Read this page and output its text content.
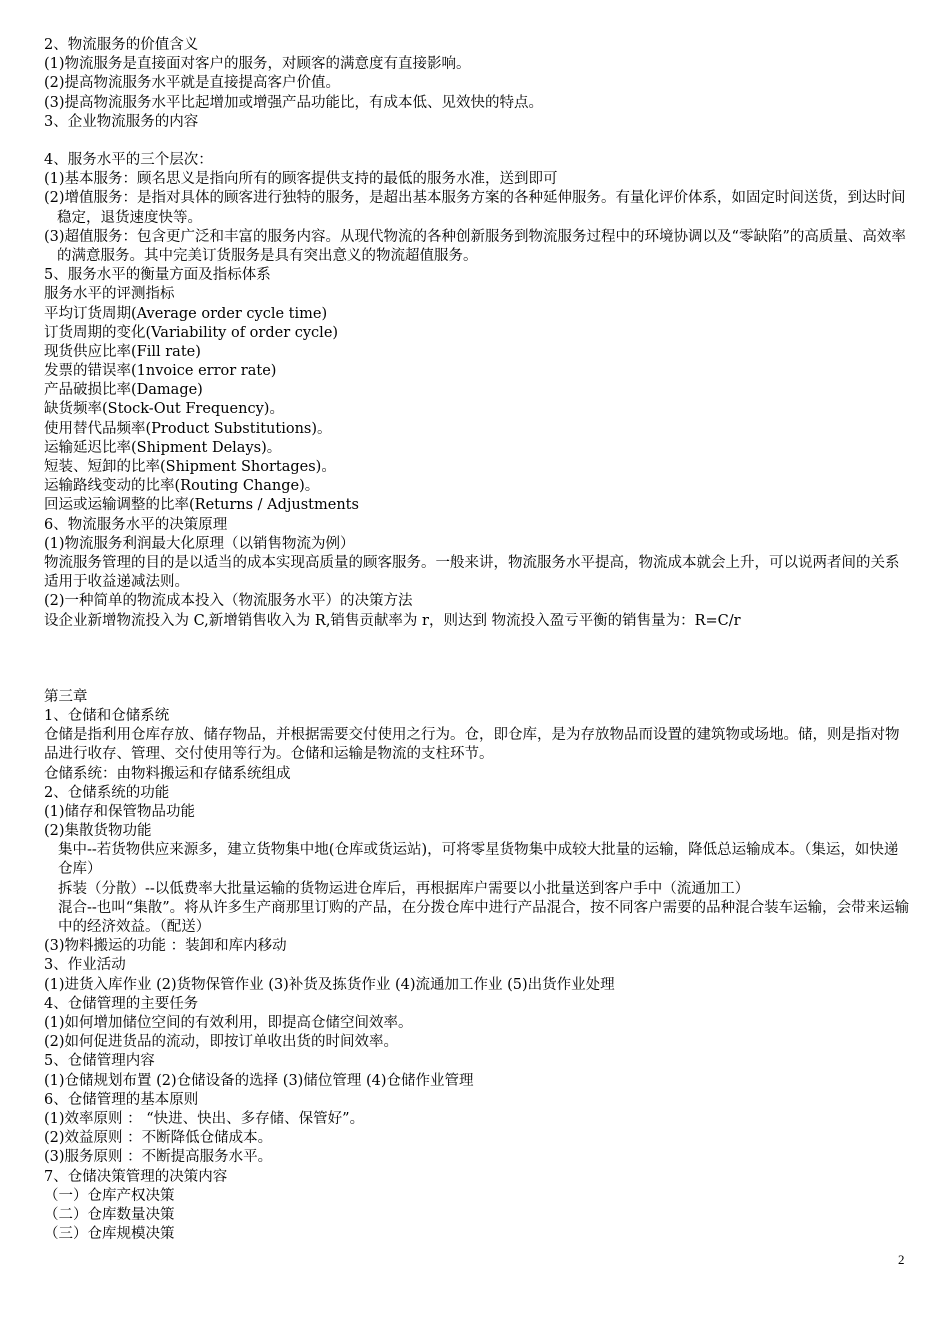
2、物流服务的价值含义
(1)物流服务是直接面对客户的服务，对顾客的满意度有直接影响。
(2)提高物流服务水平就是直接提高客户价值。
(3)提高物流服务水平比起增加或增强产品功能比，有成本低、见效快的特点。
3、企业物流服务的内容
4、服务水平的三个层次：
(1)基本服务：顾名思义是指向所有的顾客提供支持的最低的服务水准，送到即可
(2)增值服务：是指对具体的顾客进行独特的服务，是超出基本服务方案的各种延伸服务。有量化评价体系，如固定时间送货，到达时间稳定，退货速度快等。
(3)超值服务：包含更广泛和丰富的服务内容。从现代物流的各种创新服务到物流服务过程中的环境协调以及“零缺陷”的高质量、高效率的满意服务。其中完美订货服务是具有突出意义的物流超值服务。
5、服务水平的衡量方面及指标体系
服务水平的评测指标
平均订货周期(Average order cycle time)
订货周期的变化(Variability of order cycle)
现货供应比率(Fill rate)
发票的错误率(1nvoice error rate)
产品破损比率(Damage)
缺货频率(Stock-Out Frequency)。
使用替代品频率(Product Substitutions)。
运输延迟比率(Shipment Delays)。
短装、短卸的比率(Shipment Shortages)。
运输路线变动的比率(Routing Change)。
回运或运输调整的比率(Returns / Adjustments
6、物流服务水平的决策原理
(1)物流服务利润最大化原理（以销售物流为例）
物流服务管理的目的是以适当的成本实现高质量的顾客服务。一般来讲，物流服务水平提高，物流成本就会上升，可以说两者间的关系适用于收益递减法则。
(2)一种简单的物流成本投入（物流服务水平）的决策方法
设企业新增物流投入为 C,新增销售收入为 R,销售贡献率为 r，则达到 物流投入盈亏平衡的销售量为：R=C/r
第三章
1、仓储和仓储系统
仓储是指利用仓库存放、储存物品，并根据需要交付使用之行为。仓，即仓库，是为存放物品而设置的建筑物或场地。储，则是指对物品进行收存、管理、交付使用等行为。仓储和运输是物流的支柱环节。
仓储系统：由物料搬运和存储系统组成
2、仓储系统的功能
(1)储存和保管物品功能
(2)集散货物功能
集中--若货物供应来源多，建立货物集中地(仓库或货运站)，可将零星货物集中成较大批量的运输，降低总运输成本。（集运，如快递仓库）
拆装（分散）--以低费率大批量运输的货物运进仓库后，再根据库户需要以小批量送到客户手中（流通加工）
混合--也叫“集散”。将从许多生产商那里订购的产品，在分拨仓库中进行产品混合，按不同客户需要的品种混合装车运输，会带来运输中的经济效益。（配送）
(3)物料搬运的功能 ：装卸和库内移动
3、作业活动
(1)进货入库作业 (2)货物保管作业 (3)补货及拣货作业 (4)流通加工作业 (5)出货作业处理
4、仓储管理的主要任务
(1)如何增加储位空间的有效利用，即提高仓储空间效率。
(2)如何促进货品的流动，即按订单收出货的时间效率。
5、仓储管理内容
(1)仓储规划布置 (2)仓储设备的选择 (3)储位管理 (4)仓储作业管理
6、仓储管理的基本原则
(1)效率原则 ： “快进、快出、多存储、保管好”。
(2)效益原则 ：不断降低仓储成本。
(3)服务原则 ：不断提高服务水平。
7、仓储决策管理的决策内容
（一）仓库产权决策
（二）仓库数量决策
（三）仓库规模决策
2
